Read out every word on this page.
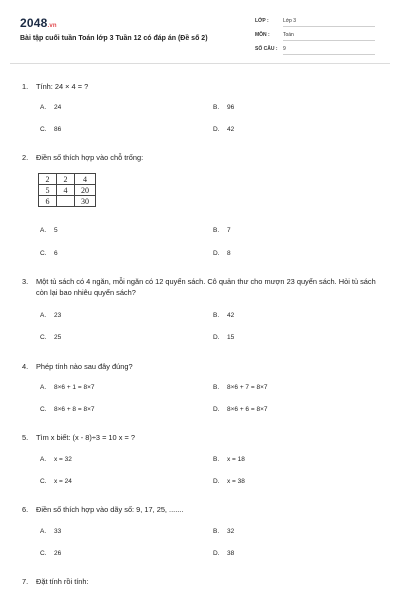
2048.vn
Bài tập cuối tuần Toán lớp 3 Tuần 12 có đáp án (Đề số 2)
LỚP :	Lớp 3
MÔN :	Toán
SỐ CÂU : 9
1. Tính: 24 × 4 = ?
A. 24	B. 96
C. 86	D. 42
2. Điền số thích hợp vào chỗ trống:
2	2	4
5	4	20
6		30
A. 5	B. 7
C. 6	D. 8
3. Một tủ sách có 4 ngăn, mỗi ngăn có 12 quyển sách. Cô quản thư cho mượn 23 quyển sách. Hỏi tủ sách còn lại bao nhiêu quyển sách?
A. 23	B. 42
C. 25	D. 15
4. Phép tính nào sau đây đúng?
A. 8×6 + 1 = 8×7	B. 8×6 + 7 = 8×7
C. 8×6 + 8 = 8×7	D. 8×6 + 6 = 8×7
5. Tìm x biết: (x - 8)÷3 = 10 x = ?
A. x = 32	B. x = 18
C. x = 24	D. x = 38
6. Điền số thích hợp vào dãy số: 9, 17, 25, .......
A. 33	B. 32
C. 26	D. 38
7. Đặt tính rồi tính:
